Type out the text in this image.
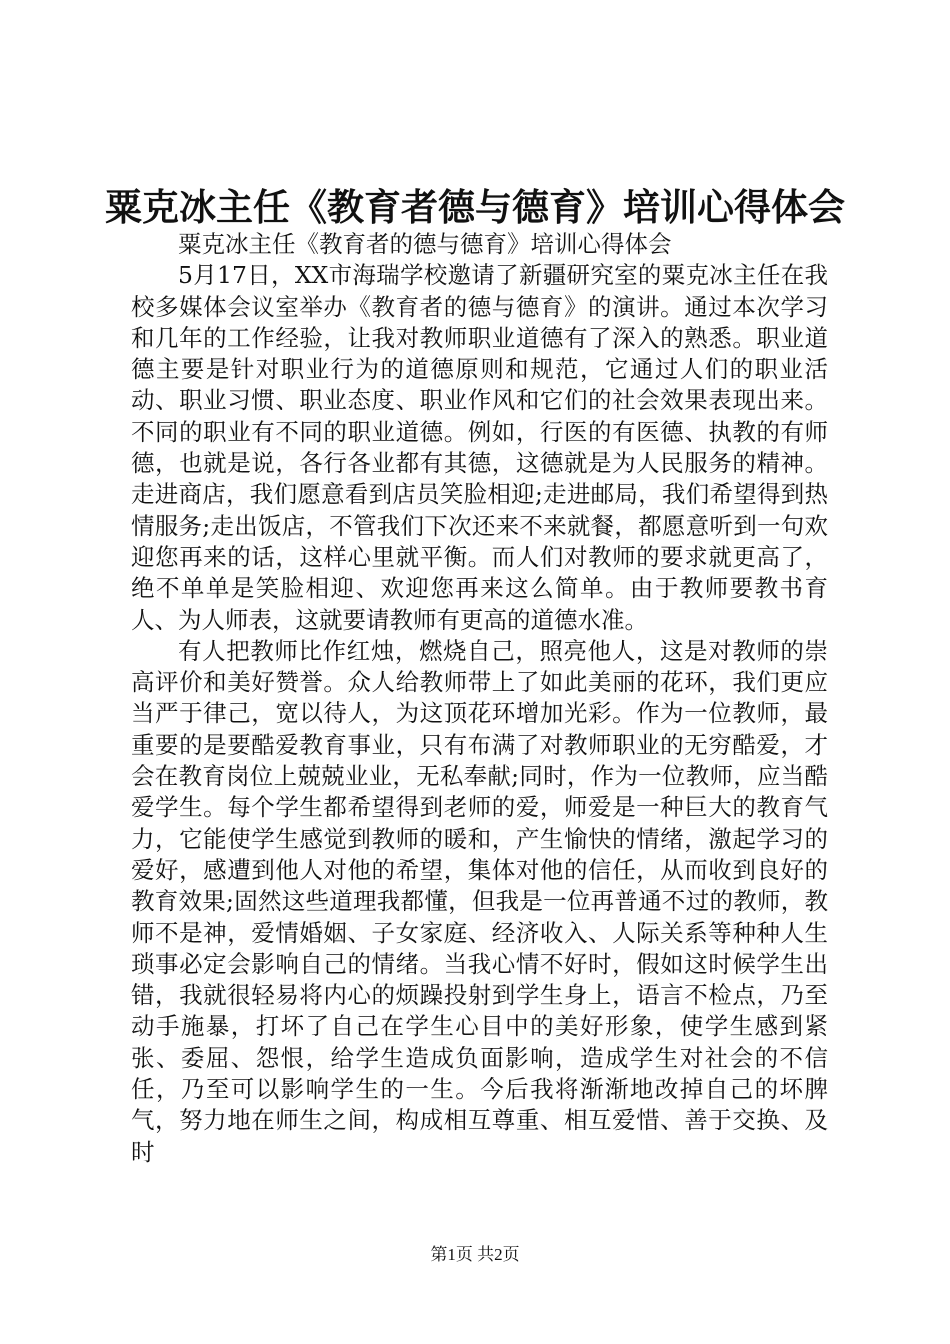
粟克冰主任《教育者德与德育》培训心得体会
粟克冰主任《教育者的德与德育》培训心得体会

5月17日，XX市海瑞学校邀请了新疆研究室的粟克冰主任在我校多媒体会议室举办《教育者的德与德育》的演讲。通过本次学习和几年的工作经验，让我对教师职业道德有了深入的熟悉。职业道德主要是针对职业行为的道德原则和规范，它通过人们的职业活动、职业习惯、职业态度、职业作风和它们的社会效果表现出来。不同的职业有不同的职业道德。例如，行医的有医德、执教的有师德，也就是说，各行各业都有其德，这德就是为人民服务的精神。走进商店，我们愿意看到店员笑脸相迎;走进邮局，我们希望得到热情服务;走出饭店，不管我们下次还来不来就餐，都愿意听到一句欢迎您再来的话，这样心里就平衡。而人们对教师的要求就更高了，绝不单单是笑脸相迎、欢迎您再来这么简单。由于教师要教书育人、为人师表，这就要请教师有更高的道德水准。

有人把教师比作红烛，燃烧自己，照亮他人，这是对教师的崇高评价和美好赞誉。众人给教师带上了如此美丽的花环，我们更应当严于律己，宽以待人，为这顶花环增加光彩。作为一位教师，最重要的是要酷爱教育事业，只有布满了对教师职业的无穷酷爱，才会在教育岗位上兢兢业业，无私奉献;同时，作为一位教师，应当酷爱学生。每个学生都希望得到老师的爱，师爱是一种巨大的教育气力，它能使学生感觉到教师的暖和，产生愉快的情绪，激起学习的爱好，感遭到他人对他的希望，集体对他的信任，从而收到良好的教育效果;固然这些道理我都懂，但我是一位再普通不过的教师，教师不是神，爱情婚姻、子女家庭、经济收入、人际关系等种种人生琐事必定会影响自己的情绪。当我心情不好时，假如这时候学生出错，我就很轻易将内心的烦躁投射到学生身上，语言不检点，乃至动手施暴，打坏了自己在学生心目中的美好形象，使学生感到紧张、委屈、怨恨，给学生造成负面影响，造成学生对社会的不信任，乃至可以影响学生的一生。今后我将渐渐地改掉自己的坏脾气，努力地在师生之间，构成相互尊重、相互爱惜、善于交换、及时

第1页 共2页
